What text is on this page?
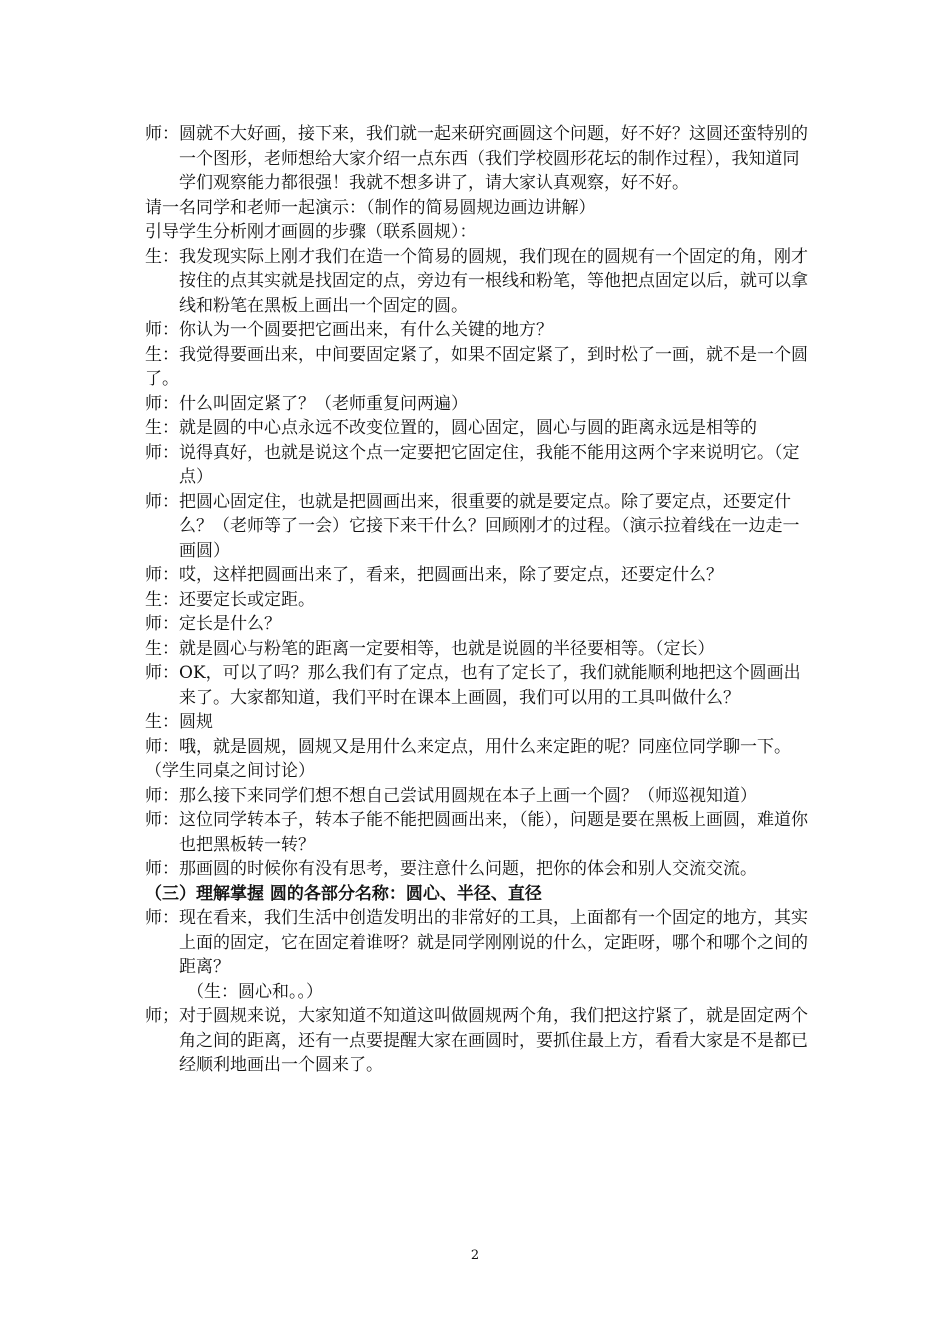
师：圆就不大好画，接下来，我们就一起来研究画圆这个问题，好不好？这圆还蛮特别的一个图形，老师想给大家介绍一点东西（我们学校圆形花坛的制作过程），我知道同学们观察能力都很强！我就不想多讲了，请大家认真观察，好不好。

请一名同学和老师一起演示：（制作的简易圆规边画边讲解）

引导学生分析刚才画圆的步骤（联系圆规）：

生：我发现实际上刚才我们在造一个简易的圆规，我们现在的圆规有一个固定的角，刚才按住的点其实就是找固定的点，旁边有一根线和粉笔，等他把点固定以后，就可以拿线和粉笔在黑板上画出一个固定的圆。

师：你认为一个圆要把它画出来，有什么关键的地方？

生：我觉得要画出来，中间要固定紧了，如果不固定紧了，到时松了一画，就不是一个圆了。

师：什么叫固定紧了？（老师重复问两遍）

生：就是圆的中心点永远不改变位置的，圆心固定，圆心与圆的距离永远是相等的

师：说得真好，也就是说这个点一定要把它固定住，我能不能用这两个字来说明它。（定点）

师：把圆心固定住，也就是把圆画出来，很重要的就是要定点。除了要定点，还要定什么？（老师等了一会）它接下来干什么？回顾刚才的过程。（演示拉着线在一边走一画圆）

师：哎，这样把圆画出来了，看来，把圆画出来，除了要定点，还要定什么？

生：还要定长或定距。

师：定长是什么？

生：就是圆心与粉笔的距离一定要相等，也就是说圆的半径要相等。（定长）

师：OK，可以了吗？那么我们有了定点，也有了定长了，我们就能顺利地把这个圆画出来了。大家都知道，我们平时在课本上画圆，我们可以用的工具叫做什么？

生：圆规

师：哦，就是圆规，圆规又是用什么来定点，用什么来定距的呢？同座位同学聊一下。

（学生同桌之间讨论）

师：那么接下来同学们想不想自己尝试用圆规在本子上画一个圆？（师巡视知道）

师：这位同学转本子，转本子能不能把圆画出来，（能），问题是要在黑板上画圆，难道你也把黑板转一转？

师：那画圆的时候你有没有思考，要注意什么问题，把你的体会和别人交流交流。

（三）理解掌握 圆的各部分名称：圆心、半径、直径

师：现在看来，我们生活中创造发明出的非常好的工具，上面都有一个固定的地方，其实上面的固定，它在固定着谁呀？就是同学刚刚说的什么，定距呀，哪个和哪个之间的距离？

（生：圆心和。。）

师；对于圆规来说，大家知道不知道这叫做圆规两个角，我们把这拧紧了，就是固定两个角之间的距离，还有一点要提醒大家在画圆时，要抓住最上方，看看大家是不是都已经顺利地画出一个圆来了。

2
